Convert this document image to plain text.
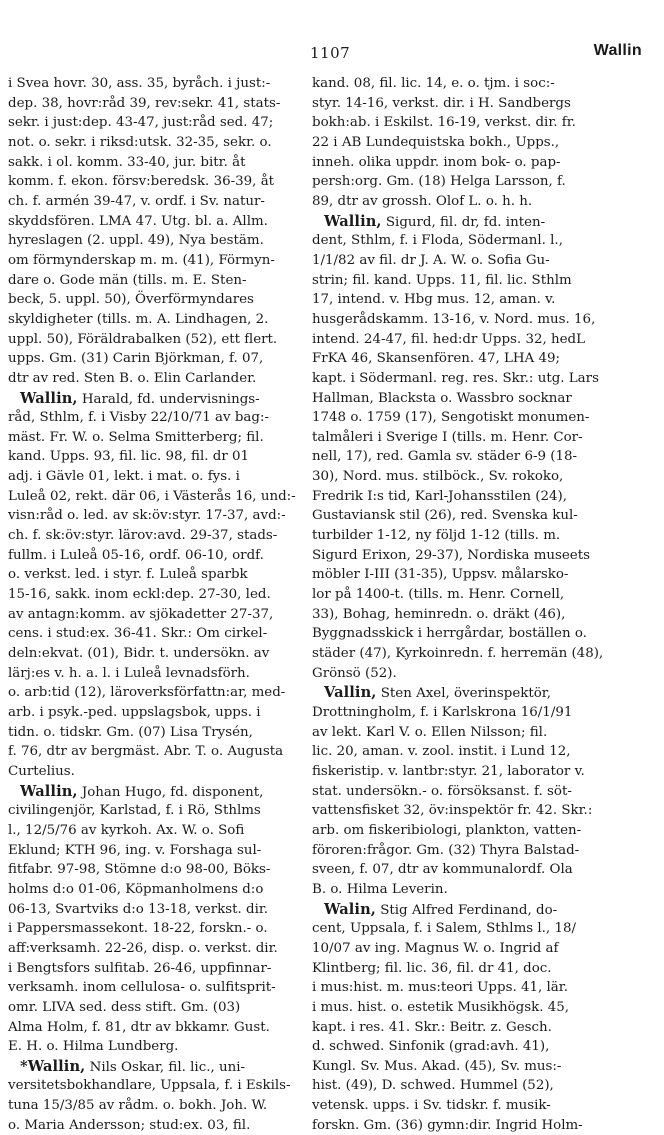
1107	Wallin
i Svea hovr. 30, ass. 35, byråch. i just:-
dep. 38, hovr:råd 39, rev:sekr. 41, stats-
sekr. i just:dep. 43-47, just:råd sed. 47;
not. o. sekr. i riksd:utsk. 32-35, sekr. o.
sakk. i ol. komm. 33-40, jur. bitr. åt
komm. f. ekon. försv:beredsk. 36-39, åt
ch. f. armén 39-47, v. ordf. i Sv. natur-
skyddsfören. LMA 47. Utg. bl. a. Allm.
hyreslagen (2. uppl. 49), Nya bestäm.
om förmynderskap m. m. (41), Förmyn-
dare o. Gode män (tills. m. E. Sten-
beck, 5. uppl. 50), Överförmyndares
skyldigheter (tills. m. A. Lindhagen, 2.
uppl. 50), Föräldrabalken (52), ett flert.
upps. Gm. (31) Carin Björkman, f. 07,
dtr av red. Sten B. o. Elin Carlander.
Wallin, Harald, fd. undervisnings-
råd, Sthlm, f. i Visby 22/10/71 av bag:-
mäst. Fr. W. o. Selma Smitterberg; fil.
kand. Upps. 93, fil. lic. 98, fil. dr 01
adj. i Gävle 01, lekt. i mat. o. fys. i
Luleå 02, rekt. där 06, i Västerås 16, und:-
visn:råd o. led. av sk:öv:styr. 17-37, avd:-
ch. f. sk:öv:styr. lärov:avd. 29-37, stads-
fullm. i Luleå 05-16, ordf. 06-10, ordf.
o. verkst. led. i styr. f. Luleå sparbk
15-16, sakk. inom eckl:dep. 27-30, led.
av antagn:komm. av sjökadetter 27-37,
cens. i stud:ex. 36-41. Skr.: Om cirkel-
deln:ekvat. (01), Bidr. t. undersökn. av
lärj:es v. h. a. l. i Luleå levnadsförh.
o. arb:tid (12), läroverksförfattn:ar, med-
arb. i psyk.-ped. uppslagsbok, upps. i
tidn. o. tidskr. Gm. (07) Lisa Trysén,
f. 76, dtr av bergmäst. Abr. T. o. Augusta
Curtelius.
Wallin, Johan Hugo, fd. disponent,
civilingenjör, Karlstad, f. i Rö, Sthlms
l., 12/5/76 av kyrkoh. Ax. W. o. Sofi
Eklund; KTH 96, ing. v. Forshaga sul-
fitfabr. 97-98, Stömne d:o 98-00, Böks-
holms d:o 01-06, Köpmanholmens d:o
06-13, Svartviks d:o 13-18, verkst. dir.
i Pappersmassekont. 18-22, forskn.- o.
aff:verksamh. 22-26, disp. o. verkst. dir.
i Bengtsfors sulfitab. 26-46, uppfinnar-
verksamh. inom cellulosa- o. sulfitsprit-
omr. LIVA sed. dess stift. Gm. (03)
Alma Holm, f. 81, dtr av bkkamr. Gust.
E. H. o. Hilma Lundberg.
*Wallin, Nils Oskar, fil. lic., uni-
versitetsbokhandlare, Uppsala, f. i Eskils-
tuna 15/3/85 av rådm. o. bokh. Joh. W.
o. Maria Andersson; stud:ex. 03, fil.
kand. 08, fil. lic. 14, e. o. tjm. i soc:-
styr. 14-16, verkst. dir. i H. Sandbergs
bokh:ab. i Eskilst. 16-19, verkst. dir. fr.
22 i AB Lundequistska bokh., Upps.,
inneh. olika uppdr. inom bok- o. pap-
persh:org. Gm. (18) Helga Larsson, f.
89, dtr av grossh. Olof L. o. h. h.
Wallin, Sigurd, fil. dr, fd. inten-
dent, Sthlm, f. i Floda, Södermanl. l.,
1/1/82 av fil. dr J. A. W. o. Sofia Gu-
strin; fil. kand. Upps. 11, fil. lic. Sthlm
17, intend. v. Hbg mus. 12, aman. v.
husgerådskamm. 13-16, v. Nord. mus. 16,
intend. 24-47, fil. hed:dr Upps. 32, hedL
FrKA 46, Skansenfören. 47, LHA 49;
kapt. i Södermanl. reg. res. Skr.: utg. Lars
Hallman, Blacksta o. Wassbro socknar
1748 o. 1759 (17), Sengotiskt monumen-
talmåleri i Sverige I (tills. m. Henr. Cor-
nell, 17), red. Gamla sv. städer 6-9 (18-
30), Nord. mus. stilböck., Sv. rokoko,
Fredrik I:s tid, Karl-Johansstilen (24),
Gustaviansk stil (26), red. Svenska kul-
turbilder 1-12, ny följd 1-12 (tills. m.
Sigurd Erixon, 29-37), Nordiska museets
möbler I-III (31-35), Uppsv. målarsko-
lor på 1400-t. (tills. m. Henr. Cornell,
33), Bohag, heminredn. o. dräkt (46),
Byggnadsskick i herrgårdar, boställen o.
städer (47), Kyrkoinredn. f. herremän (48),
Grönsö (52).
Vallin, Sten Axel, överinspektör,
Drottningholm, f. i Karlskrona 16/1/91
av lekt. Karl V. o. Ellen Nilsson; fil.
lic. 20, aman. v. zool. instit. i Lund 12,
fiskeristip. v. lantbr:styr. 21, laborator v.
stat. undersökn.- o. försöksanst. f. söt-
vattensfisket 32, öv:inspektör fr. 42. Skr.:
arb. om fiskeribiologi, plankton, vatten-
föroren:frågor. Gm. (32) Thyra Balstad-
sveen, f. 07, dtr av kommunalordf. Ola
B. o. Hilma Leverin.
Walin, Stig Alfred Ferdinand, do-
cent, Uppsala, f. i Salem, Sthlms l., 18/
10/07 av ing. Magnus W. o. Ingrid af
Klintberg; fil. lic. 36, fil. dr 41, doc.
i mus:hist. m. mus:teori Upps. 41, lär.
i mus. hist. o. estetik Musikhögsk. 45,
kapt. i res. 41. Skr.: Beitr. z. Gesch.
d. schwed. Sinfonik (grad:avh. 41),
Kungl. Sv. Mus. Akad. (45), Sv. mus:-
hist. (49), D. schwed. Hummel (52),
vetensk. upps. i Sv. tidskr. f. musik-
forskn. Gm. (36) gymn:dir. Ingrid Holm-
